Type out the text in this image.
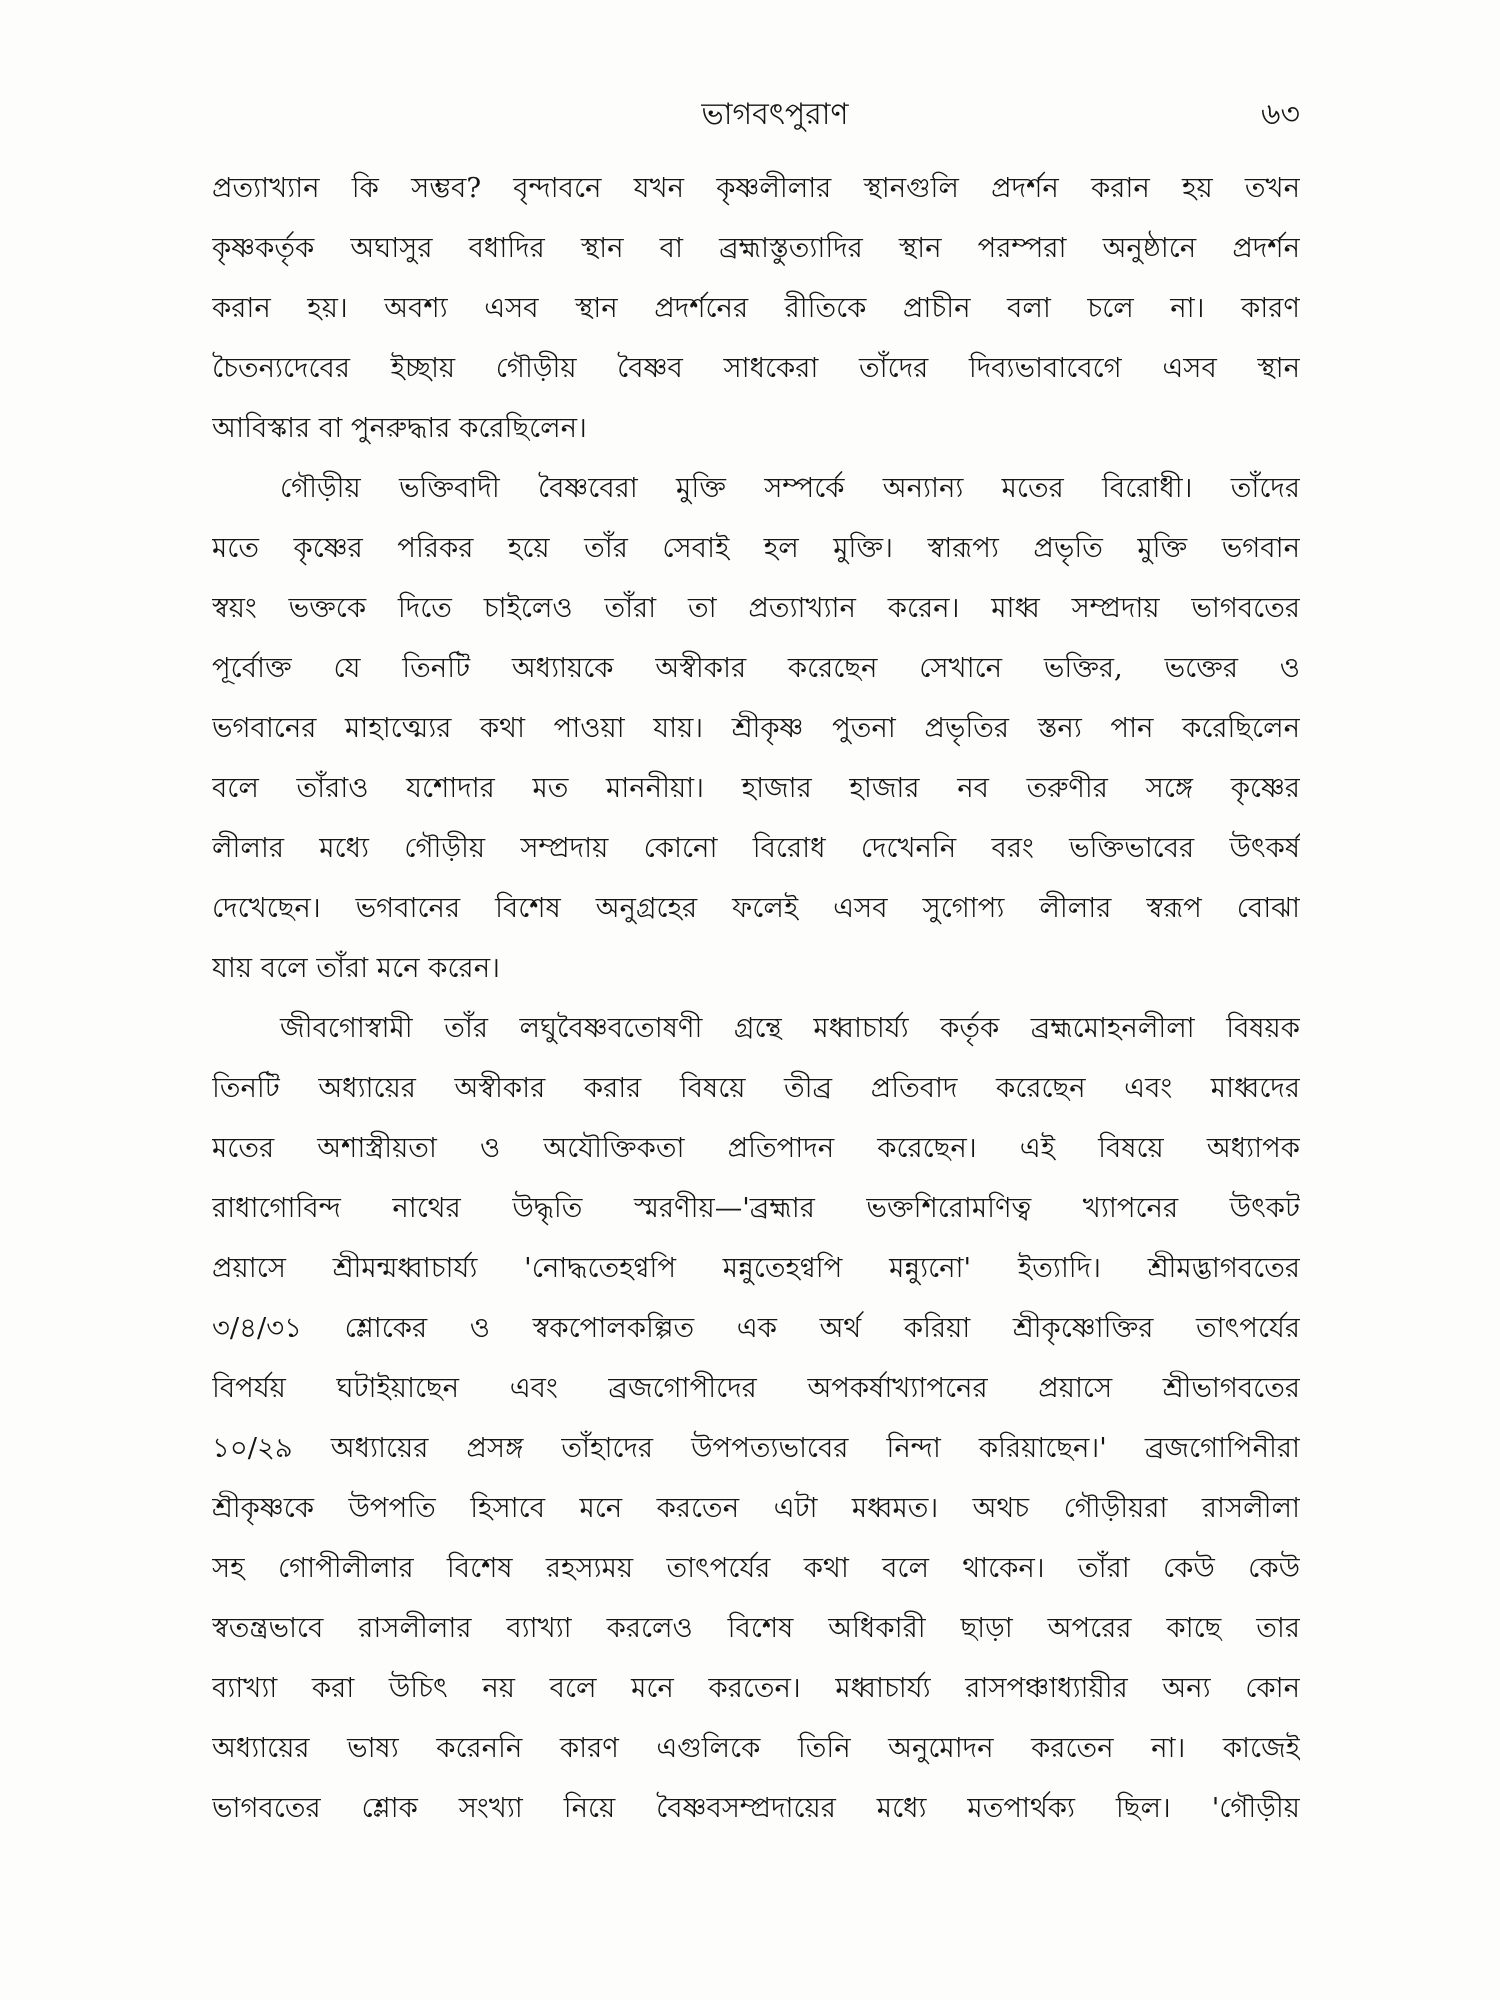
ভাগবৎপুরাণ	৬৩
প্রত্যাখ্যান কি সম্ভব? বৃন্দাবনে যখন কৃষ্ণলীলার স্থানগুলি প্রদর্শন করান হয় তখন
কৃষ্ণকর্তৃক অঘাসুর বধাদির স্থান বা ব্রহ্মাস্তুত্যাদির স্থান পরম্পরা অনুষ্ঠানে প্রদর্শন
করান হয়। অবশ্য এসব স্থান প্রদর্শনের রীতিকে প্রাচীন বলা চলে না। কারণ
চৈতন্যদেবের ইচ্ছায় গৌড়ীয় বৈষ্ণব সাধকেরা তাঁদের দিব্যভাবাবেগে এসব স্থান
আবিস্কার বা পুনরুদ্ধার করেছিলেন।
গৌড়ীয় ভক্তিবাদী বৈষ্ণবেরা মুক্তি সম্পর্কে অন্যান্য মতের বিরোধী। তাঁদের
মতে কৃষ্ণের পরিকর হয়ে তাঁর সেবাই হল মুক্তি। স্বারূপ্য প্রভৃতি মুক্তি ভগবান
স্বয়ং ভক্তকে দিতে চাইলেও তাঁরা তা প্রত্যাখ্যান করেন। মাধ্ব সম্প্রদায় ভাগবতের
পূর্বোক্ত যে তিনটি অধ্যায়কে অস্বীকার করেছেন সেখানে ভক্তির, ভক্তের ও
ভগবানের মাহাত্ম্যের কথা পাওয়া যায়। শ্রীকৃষ্ণ পুতনা প্রভৃতির স্তন্য পান করেছিলেন
বলে তাঁরাও যশোদার মত মাননীয়া। হাজার হাজার নব তরুণীর সঙ্গে কৃষ্ণের
লীলার মধ্যে গৌড়ীয় সম্প্রদায় কোনো বিরোধ দেখেননি বরং ভক্তিভাবের উৎকর্ষ
দেখেছেন। ভগবানের বিশেষ অনুগ্রহের ফলেই এসব সুগোপ্য লীলার স্বরূপ বোঝা
যায় বলে তাঁরা মনে করেন।
জীবগোস্বামী তাঁর লঘুবৈষ্ণবতোষণী গ্রন্থে মধ্বাচার্য্য কর্তৃক ব্রহ্মমোহনলীলা বিষয়ক
তিনটি অধ্যায়ের অস্বীকার করার বিষয়ে তীব্র প্রতিবাদ করেছেন এবং মাধ্বদের
মতের অশাস্ত্রীয়তা ও অযৌক্তিকতা প্রতিপাদন করেছেন। এই বিষয়ে অধ্যাপক
রাধাগোবিন্দ নাথের উদ্ধৃতি স্মরণীয়—'ব্রহ্মার ভক্তশিরোমণিত্ব খ্যাপনের উৎকট
প্রয়াসে শ্রীমন্মধ্বাচার্য্য 'নোদ্ধতেহণ্বপি মন্নুতেহণ্বপি মন্ন্যুনো' ইত্যাদি। শ্রীমদ্ভাগবতের
৩/৪/৩১ শ্লোকের ও স্বকপোলকল্পিত এক অর্থ করিয়া শ্রীকৃষ্ণোক্তির তাৎপর্যের
বিপর্যয় ঘটাইয়াছেন এবং ব্রজগোপীদের অপকর্ষাখ্যাপনের প্রয়াসে শ্রীভাগবতের
১০/২৯ অধ্যায়ের প্রসঙ্গ তাঁহাদের উপপত্যভাবের নিন্দা করিয়াছেন।' ব্রজগোপিনীরা
শ্রীকৃষ্ণকে উপপতি হিসাবে মনে করতেন এটা মধ্বমত। অথচ গৌড়ীয়রা রাসলীলা
সহ গোপীলীলার বিশেষ রহস্যময় তাৎপর্যের কথা বলে থাকেন। তাঁরা কেউ কেউ
স্বতন্ত্রভাবে রাসলীলার ব্যাখ্যা করলেও বিশেষ অধিকারী ছাড়া অপরের কাছে তার
ব্যাখ্যা করা উচিৎ নয় বলে মনে করতেন। মধ্বাচার্য্য রাসপঞ্চাধ্যায়ীর অন্য কোন
অধ্যায়ের ভাষ্য করেননি কারণ এগুলিকে তিনি অনুমোদন করতেন না। কাজেই
ভাগবতের শ্লোক সংখ্যা নিয়ে বৈষ্ণবসম্প্রদায়ের মধ্যে মতপার্থক্য ছিল। 'গৌড়ীয়
